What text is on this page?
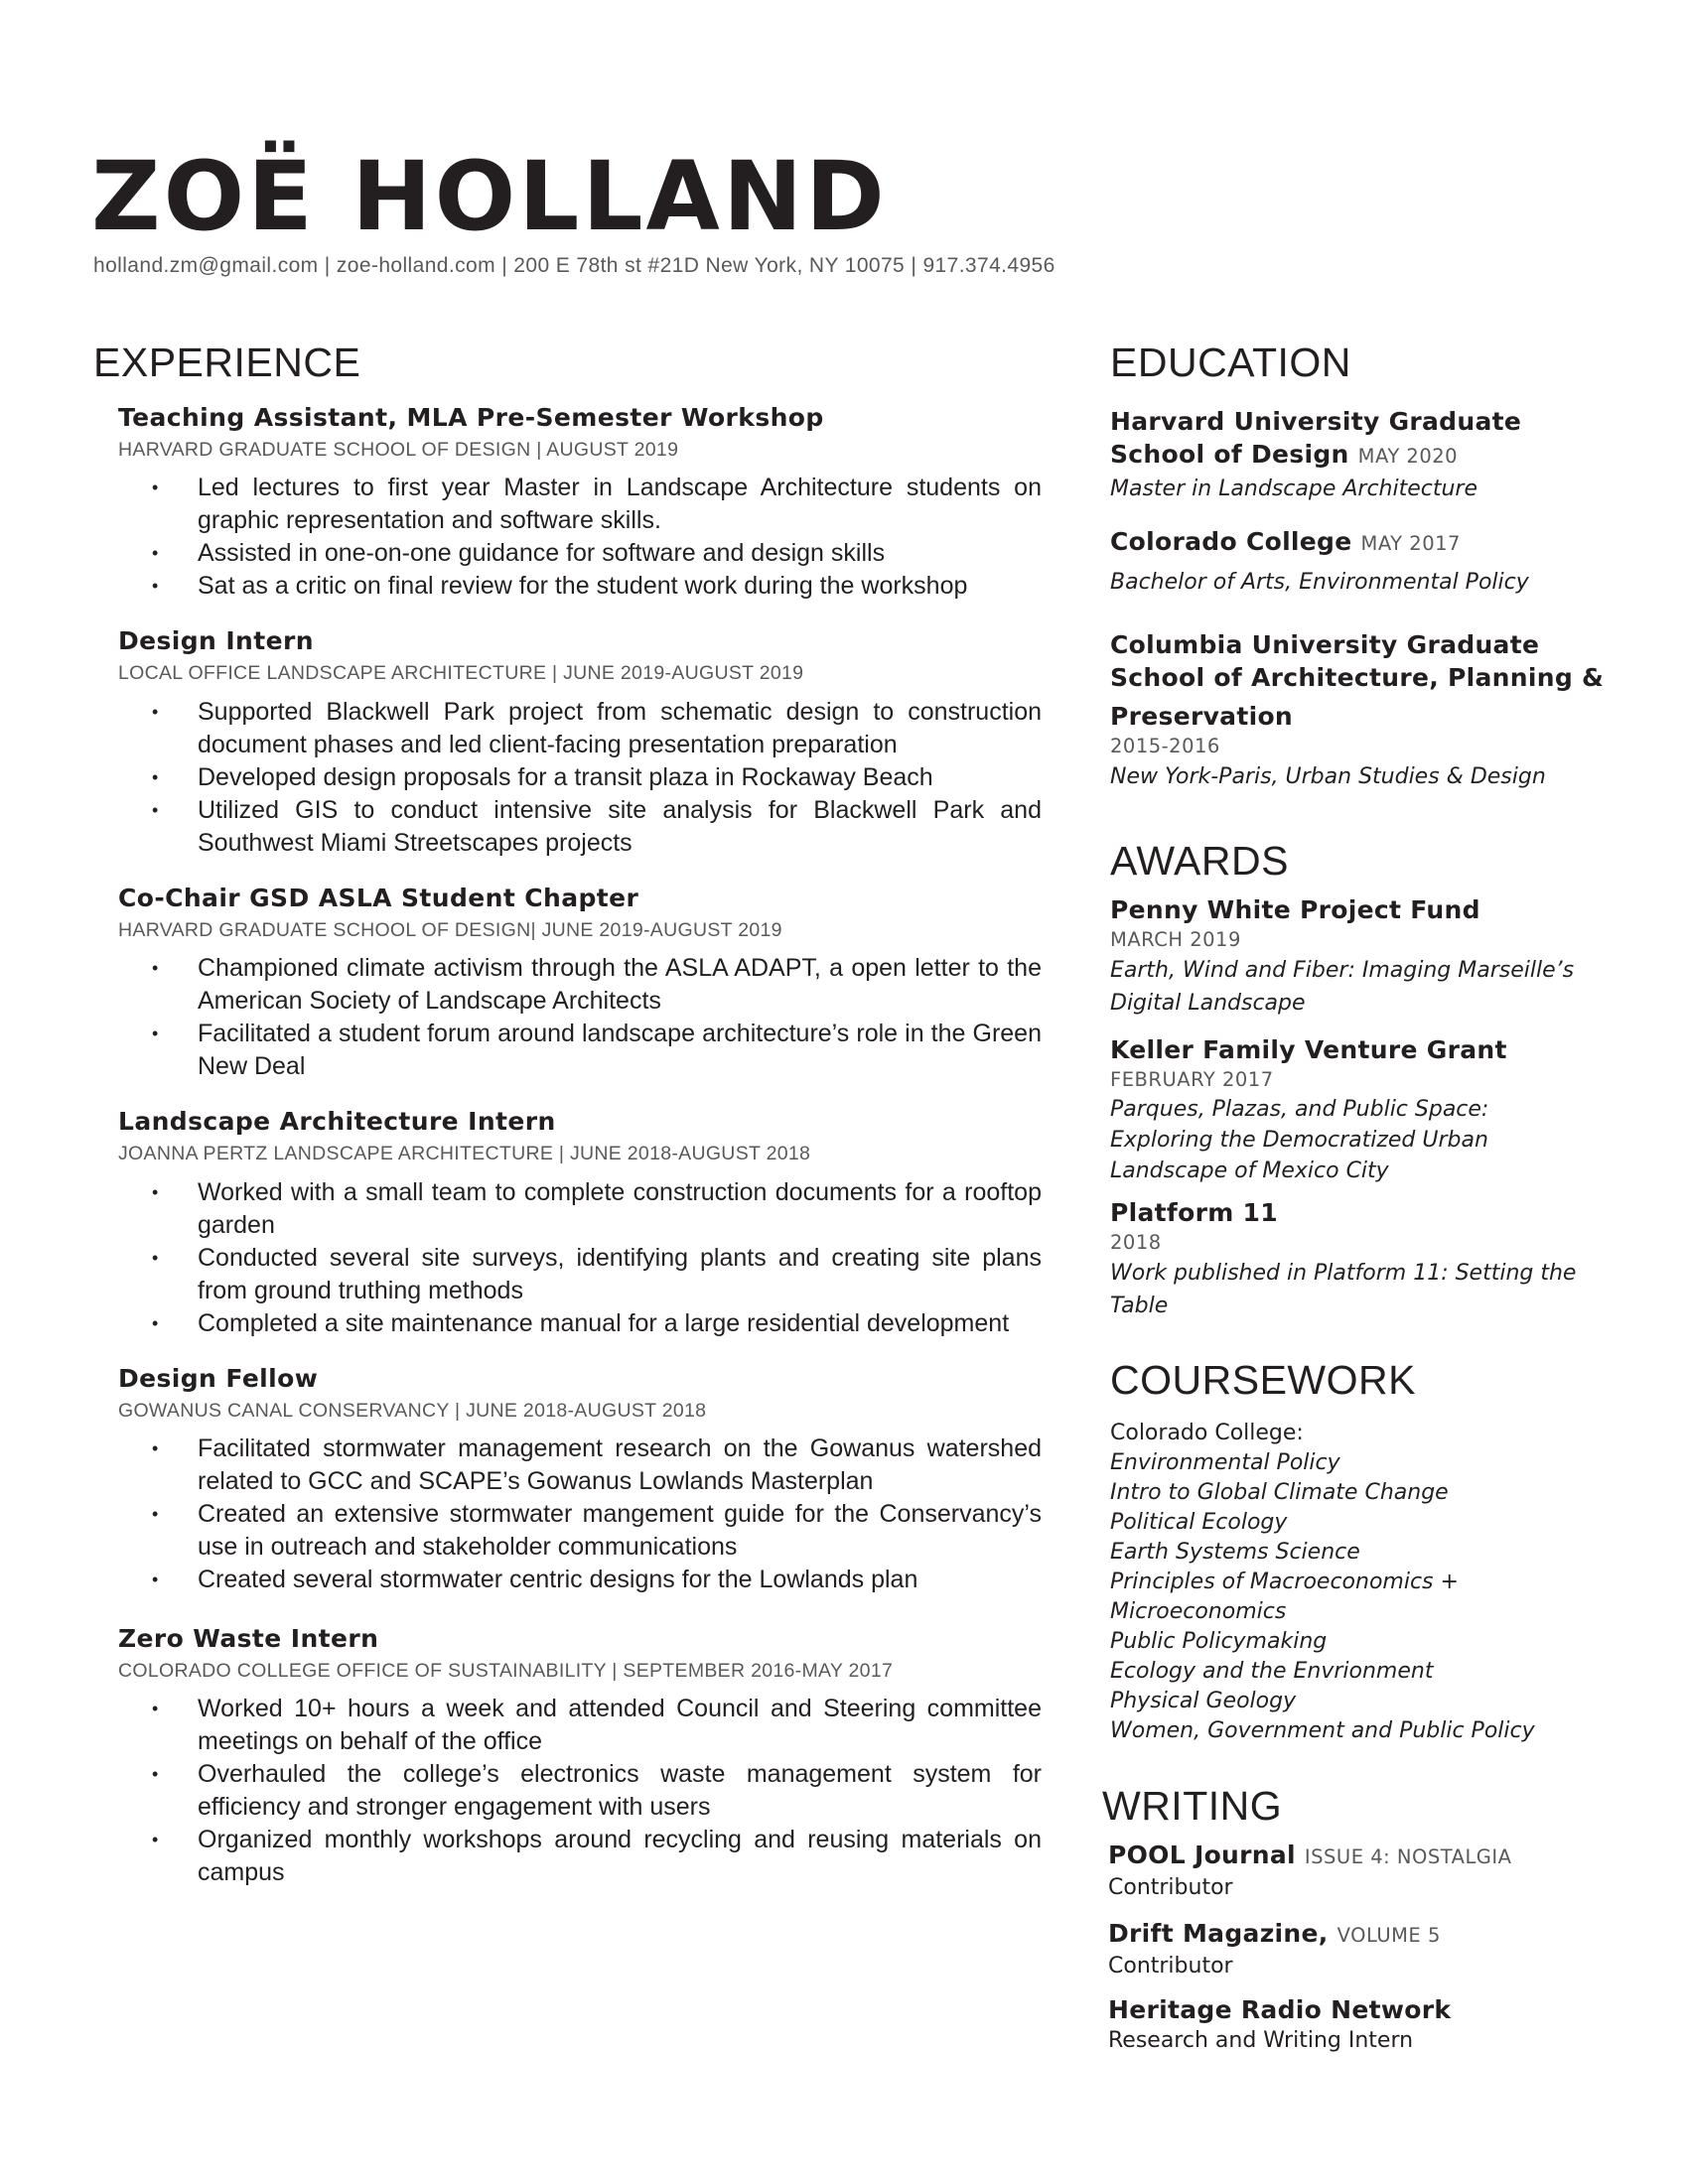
ZOË HOLLAND
holland.zm@gmail.com | zoe-holland.com | 200 E 78th st #21D New York, NY 10075 | 917.374.4956
EXPERIENCE
Teaching Assistant, MLA Pre-Semester Workshop
HARVARD GRADUATE SCHOOL OF DESIGN | AUGUST 2019
• Led lectures to first year Master in Landscape Architecture students on graphic representation and software skills.
• Assisted in one-on-one guidance for software and design skills
• Sat as a critic on final review for the student work during the workshop
Design Intern
LOCAL OFFICE LANDSCAPE ARCHITECTURE | JUNE 2019-AUGUST 2019
• Supported Blackwell Park project from schematic design to construction document phases and led client-facing presentation preparation
• Developed design proposals for a transit plaza in Rockaway Beach
• Utilized GIS to conduct intensive site analysis for Blackwell Park and Southwest Miami Streetscapes projects
Co-Chair GSD ASLA Student Chapter
HARVARD GRADUATE SCHOOL OF DESIGN| JUNE 2019-AUGUST 2019
• Championed climate activism through the ASLA ADAPT, a open letter to the American Society of Landscape Architects
• Facilitated a student forum around landscape architecture’s role in the Green New Deal
Landscape Architecture Intern
JOANNA PERTZ LANDSCAPE ARCHITECTURE | JUNE 2018-AUGUST 2018
• Worked with a small team to complete construction documents for a rooftop garden
• Conducted several site surveys, identifying plants and creating site plans from ground truthing methods
• Completed a site maintenance manual for a large residential development
Design Fellow
GOWANUS CANAL CONSERVANCY | JUNE 2018-AUGUST 2018
• Facilitated stormwater management research on the Gowanus watershed related to GCC and SCAPE’s Gowanus Lowlands Masterplan
• Created an extensive stormwater mangement guide for the Conservancy’s use in outreach and stakeholder communications
• Created several stormwater centric designs for the Lowlands plan
Zero Waste Intern
COLORADO COLLEGE OFFICE OF SUSTAINABILITY | SEPTEMBER 2016-MAY 2017
• Worked 10+ hours a week and attended Council and Steering committee meetings on behalf of the office
• Overhauled the college’s electronics waste management system for efficiency and stronger engagement with users
• Organized monthly workshops around recycling and reusing materials on campus
EDUCATION
Harvard University Graduate
School of Design MAY 2020
Master in Landscape Architecture
Colorado College MAY 2017
Bachelor of Arts, Environmental Policy
Columbia University Graduate
School of Architecture, Planning &
Preservation
2015-2016
New York-Paris, Urban Studies & Design
AWARDS
Penny White Project Fund
MARCH 2019
Earth, Wind and Fiber: Imaging Marseille’s
Digital Landscape
Keller Family Venture Grant
FEBRUARY 2017
Parques, Plazas, and Public Space:
Exploring the Democratized Urban
Landscape of Mexico City
Platform 11
2018
Work published in Platform 11: Setting the
Table
COURSEWORK
Colorado College:
Environmental Policy
Intro to Global Climate Change
Political Ecology
Earth Systems Science
Principles of Macroeconomics +
Microeconomics
Public Policymaking
Ecology and the Envrionment
Physical Geology
Women, Government and Public Policy
WRITING
POOL Journal ISSUE 4: NOSTALGIA
Contributor
Drift Magazine, VOLUME 5
Contributor
Heritage Radio Network
Research and Writing Intern
